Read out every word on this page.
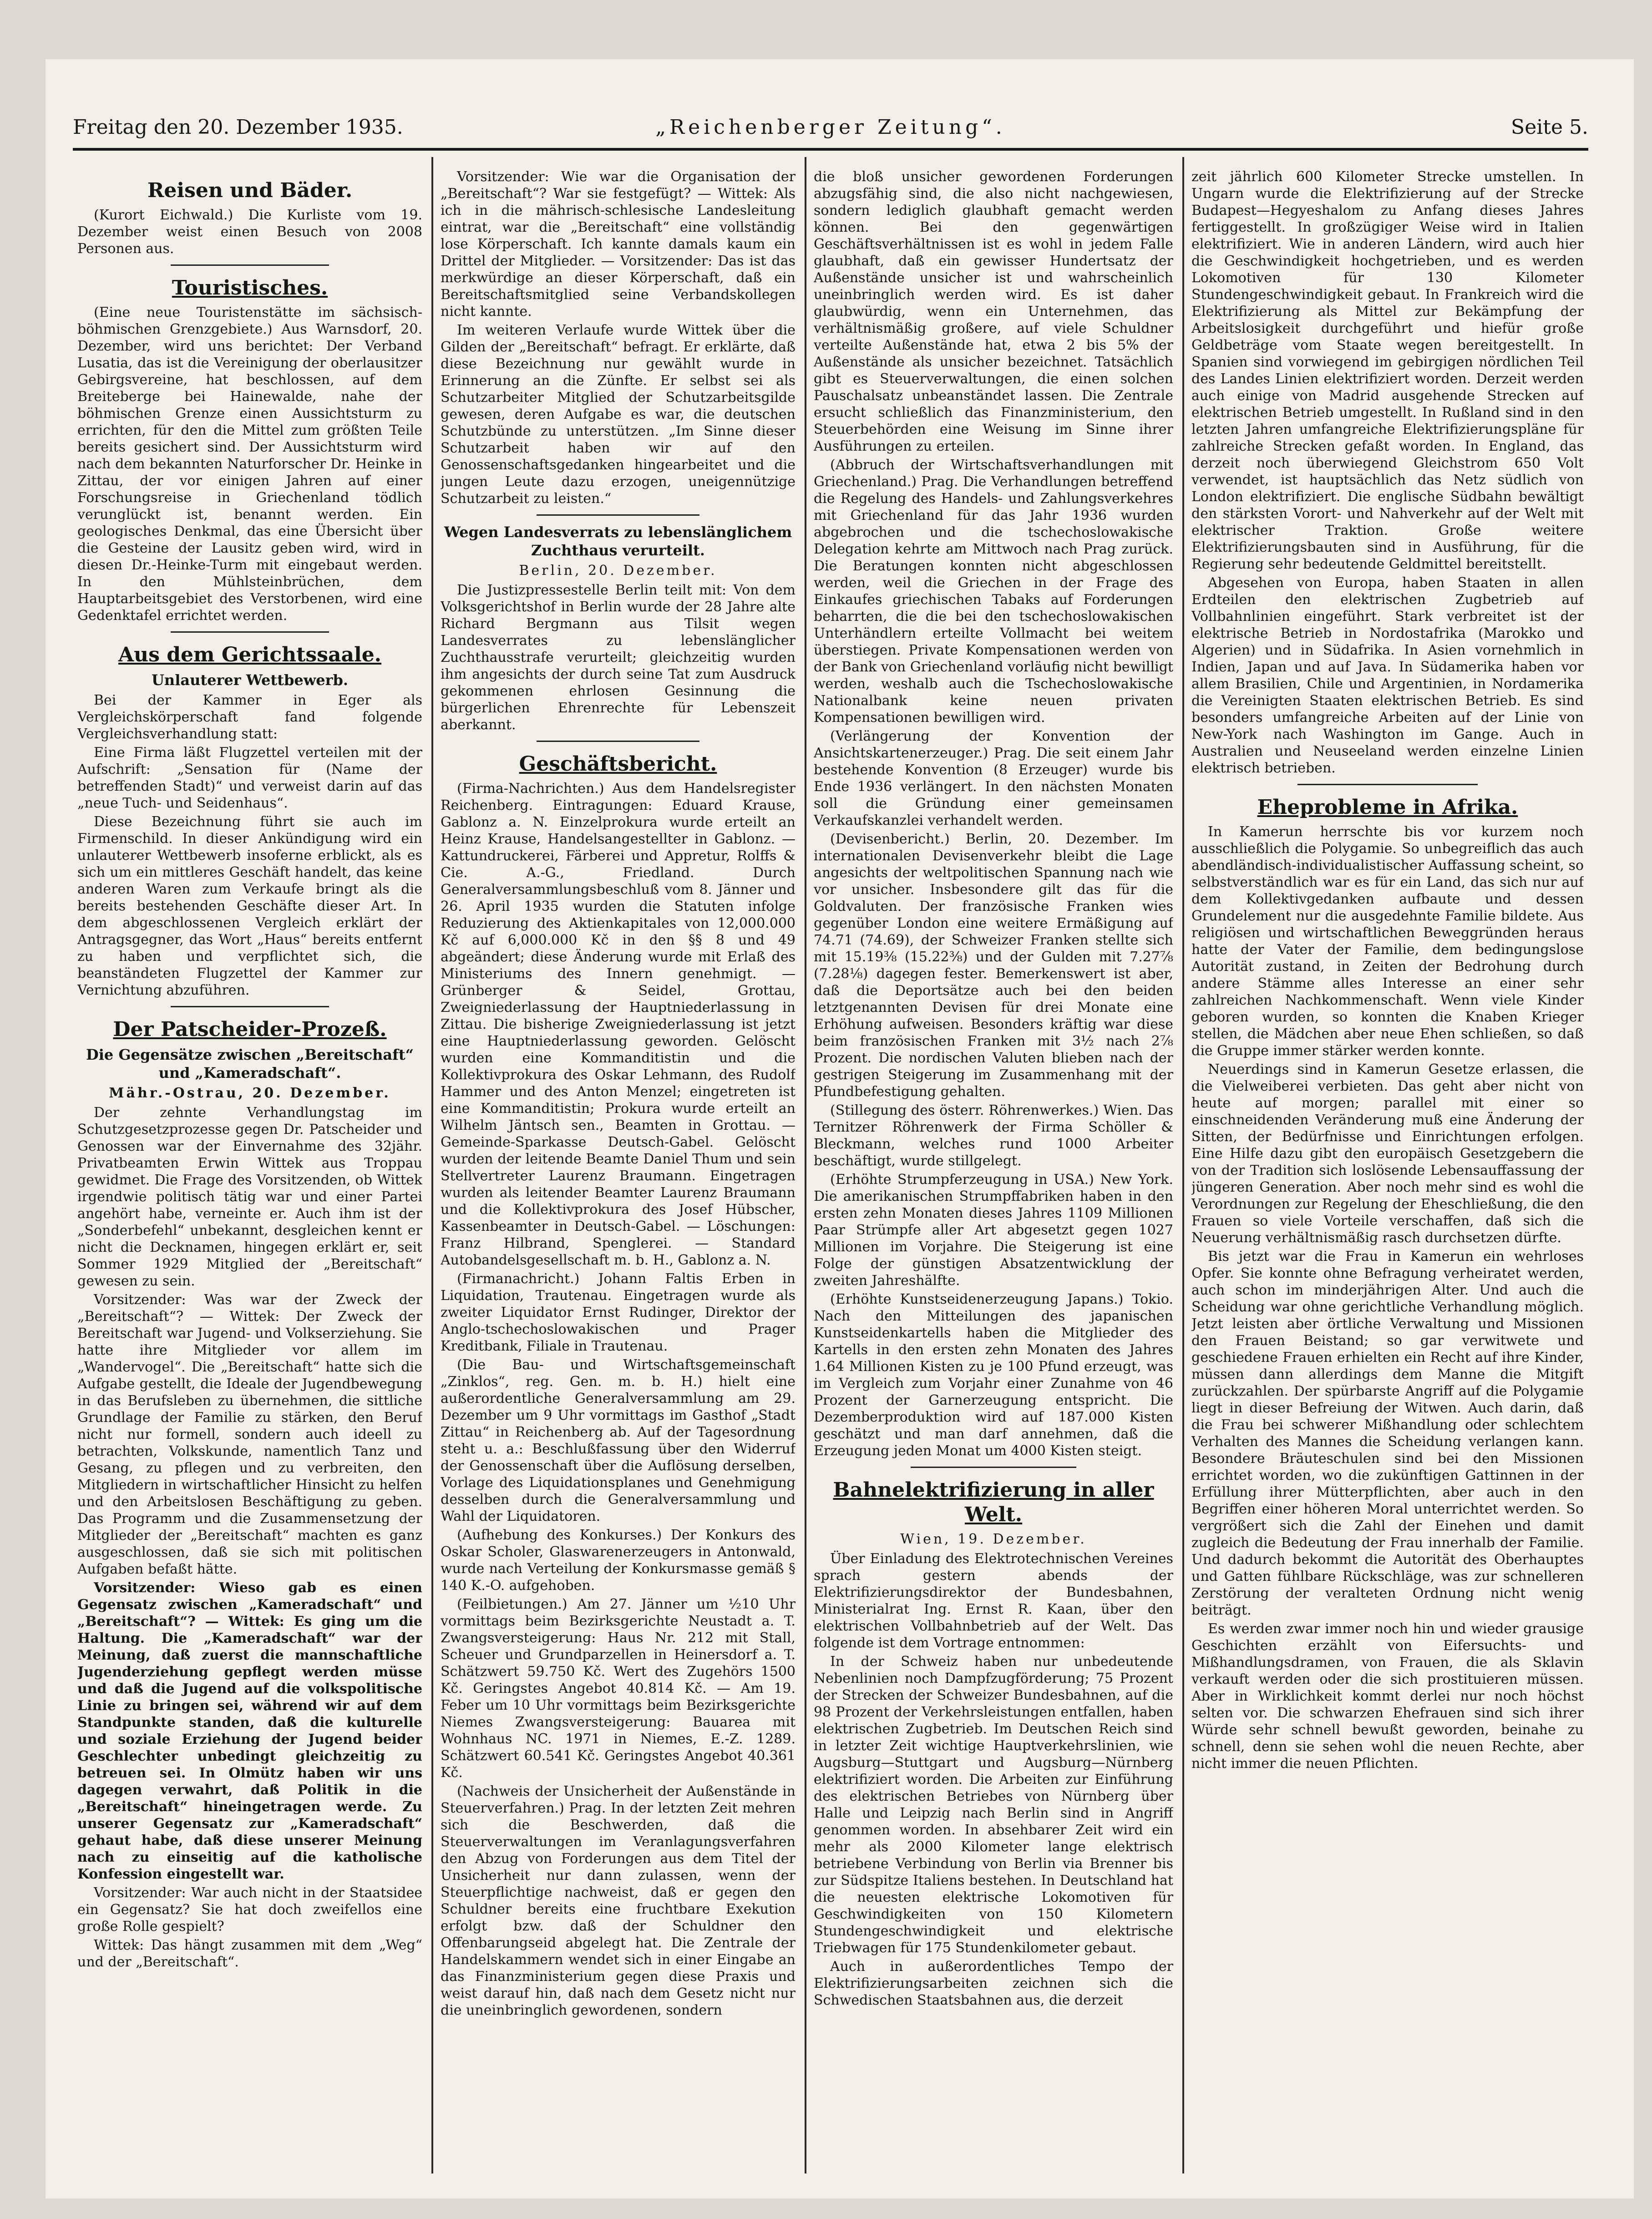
Freitag den 20. Dezember 1935.	„Reichenberger Zeitung“.	Seite 5.
Reisen und Bäder.

(Kurort Eichwald.) Die Kurliste vom 19. Dezember weist einen Besuch von 2008 Personen aus.

Touristisches.

(Eine neue Touristenstätte im sächsisch-böhmischen Grenzgebiete.) Aus Warnsdorf, 20. Dezember, wird uns berichtet: Der Verband Lusatia, das ist die Vereinigung der oberlausitzer Gebirgsvereine, hat beschlossen, auf dem Breiteberge bei Hainewalde, nahe der böhmischen Grenze einen Aussichtsturm zu errichten, für den die Mittel zum größten Teile bereits gesichert sind. Der Aussichtsturm wird nach dem bekannten Naturforscher Dr. Heinke in Zittau, der vor einigen Jahren auf einer Forschungsreise in Griechenland tödlich verunglückt ist, benannt werden. Ein geologisches Denkmal, das eine Übersicht über die Gesteine der Lausitz geben wird, wird in diesen Dr.-Heinke-Turm mit eingebaut werden. In den Mühlsteinbrüchen, dem Hauptarbeitsgebiet des Verstorbenen, wird eine Gedenktafel errichtet werden.

Aus dem Gerichtssaale.
Unlauterer Wettbewerb.

Bei der Kammer in Eger als Vergleichskörperschaft fand folgende Vergleichsverhandlung statt:

Eine Firma läßt Flugzettel verteilen mit der Aufschrift: „Sensation für (Name der betreffenden Stadt)“ und verweist darin auf das „neue Tuch- und Seidenhaus“.

Diese Bezeichnung führt sie auch im Firmenschild. In dieser Ankündigung wird ein unlauterer Wettbewerb insoferne erblickt, als es sich um ein mittleres Geschäft handelt, das keine anderen Waren zum Verkaufe bringt als die bereits bestehenden Geschäfte dieser Art. In dem abgeschlossenen Vergleich erklärt der Antragsgegner, das Wort „Haus“ bereits entfernt zu haben und verpflichtet sich, die beanständeten Flugzettel der Kammer zur Vernichtung abzuführen.

Der Patscheider-Prozeß.
Die Gegensätze zwischen „Bereitschaft“ und „Kameradschaft“.
Mähr.-Ostrau, 20. Dezember.

Der zehnte Verhandlungstag im Schutzgesetzprozesse gegen Dr. Patscheider und Genossen war der Einvernahme des 32jähr. Privatbeamten Erwin Wittek aus Troppau gewidmet. Die Frage des Vorsitzenden, ob Wittek irgendwie politisch tätig war und einer Partei angehört habe, verneinte er. Auch ihm ist der „Sonderbefehl“ unbekannt, desgleichen kennt er nicht die Decknamen, hingegen erklärt er, seit Sommer 1929 Mitglied der „Bereitschaft“ gewesen zu sein.

Vorsitzender: Was war der Zweck der „Bereitschaft“? — Wittek: Der Zweck der Bereitschaft war Jugend- und Volkserziehung. Sie hatte ihre Mitglieder vor allem im „Wandervogel“. Die „Bereitschaft“ hatte sich die Aufgabe gestellt, die Ideale der Jugendbewegung in das Berufsleben zu übernehmen, die sittliche Grundlage der Familie zu stärken, den Beruf nicht nur formell, sondern auch ideell zu betrachten, Volkskunde, namentlich Tanz und Gesang, zu pflegen und zu verbreiten, den Mitgliedern in wirtschaftlicher Hinsicht zu helfen und den Arbeitslosen Beschäftigung zu geben. Das Programm und die Zusammensetzung der Mitglieder der „Bereitschaft“ machten es ganz ausgeschlossen, daß sie sich mit politischen Aufgaben befaßt hätte.

Vorsitzender: Wieso gab es einen Gegensatz zwischen „Kameradschaft“ und „Bereitschaft“? — Wittek: Es ging um die Haltung. Die „Kameradschaft“ war der Meinung, daß zuerst die mannschaftliche Jugenderziehung gepflegt werden müsse und daß die Jugend auf die volkspolitische Linie zu bringen sei, während wir auf dem Standpunkte standen, daß die kulturelle und soziale Erziehung der Jugend beider Geschlechter unbedingt gleichzeitig zu betreuen sei. In Olmütz haben wir uns dagegen verwahrt, daß Politik in die „Bereitschaft“ hineingetragen werde. Zu unserer Gegensatz zur „Kameradschaft“ gehaut habe, daß diese unserer Meinung nach zu einseitig auf die katholische Konfession eingestellt war.

Vorsitzender: War auch nicht in der Staatsidee ein Gegensatz? Sie hat doch zweifellos eine große Rolle gespielt?

Wittek: Das hängt zusammen mit dem „Weg“ und der „Bereitschaft“.

Vorsitzender: Wie war die Organisation der „Bereitschaft“? War sie festgefügt? — Wittek: Als ich in die mährisch-schlesische Landesleitung eintrat, war die „Bereitschaft“ eine vollständig lose Körperschaft. Ich kannte damals kaum ein Drittel der Mitglieder. — Vorsitzender: Das ist das merkwürdige an dieser Körperschaft, daß ein Bereitschaftsmitglied seine Verbandskollegen nicht kannte.

Im weiteren Verlaufe wurde Wittek über die Gilden der „Bereitschaft“ befragt. Er erklärte, daß diese Bezeichnung nur gewählt wurde in Erinnerung an die Zünfte. Er selbst sei als Schutzarbeiter Mitglied der Schutzarbeitsgilde gewesen, deren Aufgabe es war, die deutschen Schutzbünde zu unterstützen. „Im Sinne dieser Schutzarbeit haben wir auf den Genossenschaftsgedanken hingearbeitet und die jungen Leute dazu erzogen, uneigennützige Schutzarbeit zu leisten.“

Wegen Landesverrats zu lebenslänglichem Zuchthaus verurteilt.
Berlin, 20. Dezember.

Die Justizpressestelle Berlin teilt mit: Von dem Volksgerichtshof in Berlin wurde der 28 Jahre alte Richard Bergmann aus Tilsit wegen Landesverrates zu lebenslänglicher Zuchthausstrafe verurteilt; gleichzeitig wurden ihm angesichts der durch seine Tat zum Ausdruck gekommenen ehrlosen Gesinnung die bürgerlichen Ehrenrechte für Lebenszeit aberkannt.

Geschäftsbericht.

(Firma-Nachrichten.) Aus dem Handelsregister Reichenberg. Eintragungen: Eduard Krause, Gablonz a. N. Einzelprokura wurde erteilt an Heinz Krause, Handelsangestellter in Gablonz. — Kattundruckerei, Färberei und Appretur, Rolffs & Cie. A.-G., Friedland. Durch Generalversammlungsbeschluß vom 8. Jänner und 26. April 1935 wurden die Statuten infolge Reduzierung des Aktienkapitales von 12,000.000 Kč auf 6,000.000 Kč in den §§ 8 und 49 abgeändert; diese Änderung wurde mit Erlaß des Ministeriums des Innern genehmigt. — Grünberger & Seidel, Grottau, Zweigniederlassung der Hauptniederlassung in Zittau. Die bisherige Zweigniederlassung ist jetzt eine Hauptniederlassung geworden. Gelöscht wurden eine Kommanditistin und die Kollektivprokura des Oskar Lehmann, des Rudolf Hammer und des Anton Menzel; eingetreten ist eine Kommanditistin; Prokura wurde erteilt an Wilhelm Jäntsch sen., Beamten in Grottau. — Gemeinde-Sparkasse Deutsch-Gabel. Gelöscht wurden der leitende Beamte Daniel Thum und sein Stellvertreter Laurenz Braumann. Eingetragen wurden als leitender Beamter Laurenz Braumann und die Kollektivprokura des Josef Hübscher, Kassenbeamter in Deutsch-Gabel. — Löschungen: Franz Hilbrand, Spenglerei. — Standard Autobandelsgesellschaft m. b. H., Gablonz a. N.

(Firmanachricht.) Johann Faltis Erben in Liquidation, Trautenau. Eingetragen wurde als zweiter Liquidator Ernst Rudinger, Direktor der Anglo-tschechoslowakischen und Prager Kreditbank, Filiale in Trautenau.

(Die Bau- und Wirtschaftsgemeinschaft „Zinklos“, reg. Gen. m. b. H.) hielt eine außerordentliche Generalversammlung am 29. Dezember um 9 Uhr vormittags im Gasthof „Stadt Zittau“ in Reichenberg ab. Auf der Tagesordnung steht u. a.: Beschlußfassung über den Widerruf der Genossenschaft über die Auflösung derselben, Vorlage des Liquidationsplanes und Genehmigung desselben durch die Generalversammlung und Wahl der Liquidatoren.

(Aufhebung des Konkurses.) Der Konkurs des Oskar Scholer, Glaswarenerzeugers in Antonwald, wurde nach Verteilung der Konkursmasse gemäß § 140 K.-O. aufgehoben.

(Feilbietungen.) Am 27. Jänner um ½10 Uhr vormittags beim Bezirksgerichte Neustadt a. T. Zwangsversteigerung: Haus Nr. 212 mit Stall, Scheuer und Grundparzellen in Heinersdorf a. T. Schätzwert 59.750 Kč. Wert des Zugehörs 1500 Kč. Geringstes Angebot 40.814 Kč. — Am 19. Feber um 10 Uhr vormittags beim Bezirksgerichte Niemes Zwangsversteigerung: Bauarea mit Wohnhaus NC. 1971 in Niemes, E.-Z. 1289. Schätzwert 60.541 Kč. Geringstes Angebot 40.361 Kč.

(Nachweis der Unsicherheit der Außenstände in Steuerverfahren.) Prag. In der letzten Zeit mehren sich die Beschwerden, daß die Steuerverwaltungen im Veranlagungsverfahren den Abzug von Forderungen aus dem Titel der Unsicherheit nur dann zulassen, wenn der Steuerpflichtige nachweist, daß er gegen den Schuldner bereits eine fruchtbare Exekution erfolgt bzw. daß der Schuldner den Offenbarungseid abgelegt hat. Die Zentrale der Handelskammern wendet sich in einer Eingabe an das Finanzministerium gegen diese Praxis und weist darauf hin, daß nach dem Gesetz nicht nur die uneinbringlich gewordenen, sondern

die bloß unsicher gewordenen Forderungen abzugsfähig sind, die also nicht nachgewiesen, sondern lediglich glaubhaft gemacht werden können. Bei den gegenwärtigen Geschäftsverhältnissen ist es wohl in jedem Falle glaubhaft, daß ein gewisser Hundertsatz der Außenstände unsicher ist und wahrscheinlich uneinbringlich werden wird. Es ist daher glaubwürdig, wenn ein Unternehmen, das verhältnismäßig großere, auf viele Schuldner verteilte Außenstände hat, etwa 2 bis 5% der Außenstände als unsicher bezeichnet. Tatsächlich gibt es Steuerverwaltungen, die einen solchen Pauschalsatz unbeanständet lassen. Die Zentrale ersucht schließlich das Finanzministerium, den Steuerbehörden eine Weisung im Sinne ihrer Ausführungen zu erteilen.

(Abbruch der Wirtschaftsverhandlungen mit Griechenland.) Prag. Die Verhandlungen betreffend die Regelung des Handels- und Zahlungsverkehres mit Griechenland für das Jahr 1936 wurden abgebrochen und die tschechoslowakische Delegation kehrte am Mittwoch nach Prag zurück. Die Beratungen konnten nicht abgeschlossen werden, weil die Griechen in der Frage des Einkaufes griechischen Tabaks auf Forderungen beharrten, die die bei den tschechoslowakischen Unterhändlern erteilte Vollmacht bei weitem überstiegen. Private Kompensationen werden von der Bank von Griechenland vorläufig nicht bewilligt werden, weshalb auch die Tschechoslowakische Nationalbank keine neuen privaten Kompensationen bewilligen wird.

(Verlängerung der Konvention der Ansichtskartenerzeuger.) Prag. Die seit einem Jahr bestehende Konvention (8 Erzeuger) wurde bis Ende 1936 verlängert. In den nächsten Monaten soll die Gründung einer gemeinsamen Verkaufskanzlei verhandelt werden.

(Devisenbericht.) Berlin, 20. Dezember. Im internationalen Devisenverkehr bleibt die Lage angesichts der weltpolitischen Spannung nach wie vor unsicher. Insbesondere gilt das für die Goldvaluten. Der französische Franken wies gegenüber London eine weitere Ermäßigung auf 74.71 (74.69), der Schweizer Franken stellte sich mit 15.19⅜ (15.22⅜) und der Gulden mit 7.27⅞ (7.28⅛) dagegen fester. Bemerkenswert ist aber, daß die Deportsätze auch bei den beiden letztgenannten Devisen für drei Monate eine Erhöhung aufweisen. Besonders kräftig war diese beim französischen Franken mit 3½ nach 2⅞ Prozent. Die nordischen Valuten blieben nach der gestrigen Steigerung im Zusammenhang mit der Pfundbefestigung gehalten.

(Stillegung des österr. Röhrenwerkes.) Wien. Das Ternitzer Röhrenwerk der Firma Schöller & Bleckmann, welches rund 1000 Arbeiter beschäftigt, wurde stillgelegt.

(Erhöhte Strumpferzeugung in USA.) New York. Die amerikanischen Strumpffabriken haben in den ersten zehn Monaten dieses Jahres 1109 Millionen Paar Strümpfe aller Art abgesetzt gegen 1027 Millionen im Vorjahre. Die Steigerung ist eine Folge der günstigen Absatzentwicklung der zweiten Jahreshälfte.

(Erhöhte Kunstseidenerzeugung Japans.) Tokio. Nach den Mitteilungen des japanischen Kunstseidenkartells haben die Mitglieder des Kartells in den ersten zehn Monaten des Jahres 1.64 Millionen Kisten zu je 100 Pfund erzeugt, was im Vergleich zum Vorjahr einer Zunahme von 46 Prozent der Garnerzeugung entspricht. Die Dezemberproduktion wird auf 187.000 Kisten geschätzt und man darf annehmen, daß die Erzeugung jeden Monat um 4000 Kisten steigt.

Bahnelektrifizierung in aller Welt.
Wien, 19. Dezember.

Über Einladung des Elektrotechnischen Vereines sprach gestern abends der Elektrifizierungsdirektor der Bundesbahnen, Ministerialrat Ing. Ernst R. Kaan, über den elektrischen Vollbahnbetrieb auf der Welt. Das folgende ist dem Vortrage entnommen:

In der Schweiz haben nur unbedeutende Nebenlinien noch Dampfzugförderung; 75 Prozent der Strecken der Schweizer Bundesbahnen, auf die 98 Prozent der Verkehrsleistungen entfallen, haben elektrischen Zugbetrieb. Im Deutschen Reich sind in letzter Zeit wichtige Hauptverkehrslinien, wie Augsburg—Stuttgart und Augsburg—Nürnberg elektrifiziert worden. Die Arbeiten zur Einführung des elektrischen Betriebes von Nürnberg über Halle und Leipzig nach Berlin sind in Angriff genommen worden. In absehbarer Zeit wird ein mehr als 2000 Kilometer lange elektrisch betriebene Verbindung von Berlin via Brenner bis zur Südspitze Italiens bestehen. In Deutschland hat die neuesten elektrische Lokomotiven für Geschwindigkeiten von 150 Kilometern Stundengeschwindigkeit und elektrische Triebwagen für 175 Stundenkilometer gebaut.

Auch in außerordentliches Tempo der Elektrifizierungsarbeiten zeichnen sich die Schwedischen Staatsbahnen aus, die derzeit

zeit jährlich 600 Kilometer Strecke umstellen. In Ungarn wurde die Elektrifizierung auf der Strecke Budapest—Hegyeshalom zu Anfang dieses Jahres fertiggestellt. In großzügiger Weise wird in Italien elektrifiziert. Wie in anderen Ländern, wird auch hier die Geschwindigkeit hochgetrieben, und es werden Lokomotiven für 130 Kilometer Stundengeschwindigkeit gebaut. In Frankreich wird die Elektrifizierung als Mittel zur Bekämpfung der Arbeitslosigkeit durchgeführt und hiefür große Geldbeträge vom Staate wegen bereitgestellt. In Spanien sind vorwiegend im gebirgigen nördlichen Teil des Landes Linien elektrifiziert worden. Derzeit werden auch einige von Madrid ausgehende Strecken auf elektrischen Betrieb umgestellt. In Rußland sind in den letzten Jahren umfangreiche Elektrifizierungspläne für zahlreiche Strecken gefaßt worden. In England, das derzeit noch überwiegend Gleichstrom 650 Volt verwendet, ist hauptsächlich das Netz südlich von London elektrifiziert. Die englische Südbahn bewältigt den stärksten Vorort- und Nahverkehr auf der Welt mit elektrischer Traktion. Große weitere Elektrifizierungsbauten sind in Ausführung, für die Regierung sehr bedeutende Geldmittel bereitstellt.

Abgesehen von Europa, haben Staaten in allen Erdteilen den elektrischen Zugbetrieb auf Vollbahnlinien eingeführt. Stark verbreitet ist der elektrische Betrieb in Nordostafrika (Marokko und Algerien) und in Südafrika. In Asien vornehmlich in Indien, Japan und auf Java. In Südamerika haben vor allem Brasilien, Chile und Argentinien, in Nordamerika die Vereinigten Staaten elektrischen Betrieb. Es sind besonders umfangreiche Arbeiten auf der Linie von New-York nach Washington im Gange. Auch in Australien und Neuseeland werden einzelne Linien elektrisch betrieben.

Eheprobleme in Afrika.

In Kamerun herrschte bis vor kurzem noch ausschließlich die Polygamie. So unbegreiflich das auch abendländisch-individualistischer Auffassung scheint, so selbstverständlich war es für ein Land, das sich nur auf dem Kollektivgedanken aufbaute und dessen Grundelement nur die ausgedehnte Familie bildete. Aus religiösen und wirtschaftlichen Beweggründen heraus hatte der Vater der Familie, dem bedingungslose Autorität zustand, in Zeiten der Bedrohung durch andere Stämme alles Interesse an einer sehr zahlreichen Nachkommenschaft. Wenn viele Kinder geboren wurden, so konnten die Knaben Krieger stellen, die Mädchen aber neue Ehen schließen, so daß die Gruppe immer stärker werden konnte.

Neuerdings sind in Kamerun Gesetze erlassen, die die Vielweiberei verbieten. Das geht aber nicht von heute auf morgen; parallel mit einer so einschneidenden Veränderung muß eine Änderung der Sitten, der Bedürfnisse und Einrichtungen erfolgen. Eine Hilfe dazu gibt den europäisch Gesetzgebern die von der Tradition sich loslösende Lebensauffassung der jüngeren Generation. Aber noch mehr sind es wohl die Verordnungen zur Regelung der Eheschließung, die den Frauen so viele Vorteile verschaffen, daß sich die Neuerung verhältnismäßig rasch durchsetzen dürfte.

Bis jetzt war die Frau in Kamerun ein wehrloses Opfer. Sie konnte ohne Befragung verheiratet werden, auch schon im minderjährigen Alter. Und auch die Scheidung war ohne gerichtliche Verhandlung möglich. Jetzt leisten aber örtliche Verwaltung und Missionen den Frauen Beistand; so gar verwitwete und geschiedene Frauen erhielten ein Recht auf ihre Kinder, müssen dann allerdings dem Manne die Mitgift zurückzahlen. Der spürbarste Angriff auf die Polygamie liegt in dieser Befreiung der Witwen. Auch darin, daß die Frau bei schwerer Mißhandlung oder schlechtem Verhalten des Mannes die Scheidung verlangen kann. Besondere Bräuteschulen sind bei den Missionen errichtet worden, wo die zukünftigen Gattinnen in der Erfüllung ihrer Mütterpflichten, aber auch in den Begriffen einer höheren Moral unterrichtet werden. So vergrößert sich die Zahl der Einehen und damit zugleich die Bedeutung der Frau innerhalb der Familie. Und dadurch bekommt die Autorität des Oberhauptes und Gatten fühlbare Rückschläge, was zur schnelleren Zerstörung der veralteten Ordnung nicht wenig beiträgt.

Es werden zwar immer noch hin und wieder grausige Geschichten erzählt von Eifersuchts- und Mißhandlungsdramen, von Frauen, die als Sklavin verkauft werden oder die sich prostituieren müssen. Aber in Wirklichkeit kommt derlei nur noch höchst selten vor. Die schwarzen Ehefrauen sind sich ihrer Würde sehr schnell bewußt geworden, beinahe zu schnell, denn sie sehen wohl die neuen Rechte, aber nicht immer die neuen Pflichten.
